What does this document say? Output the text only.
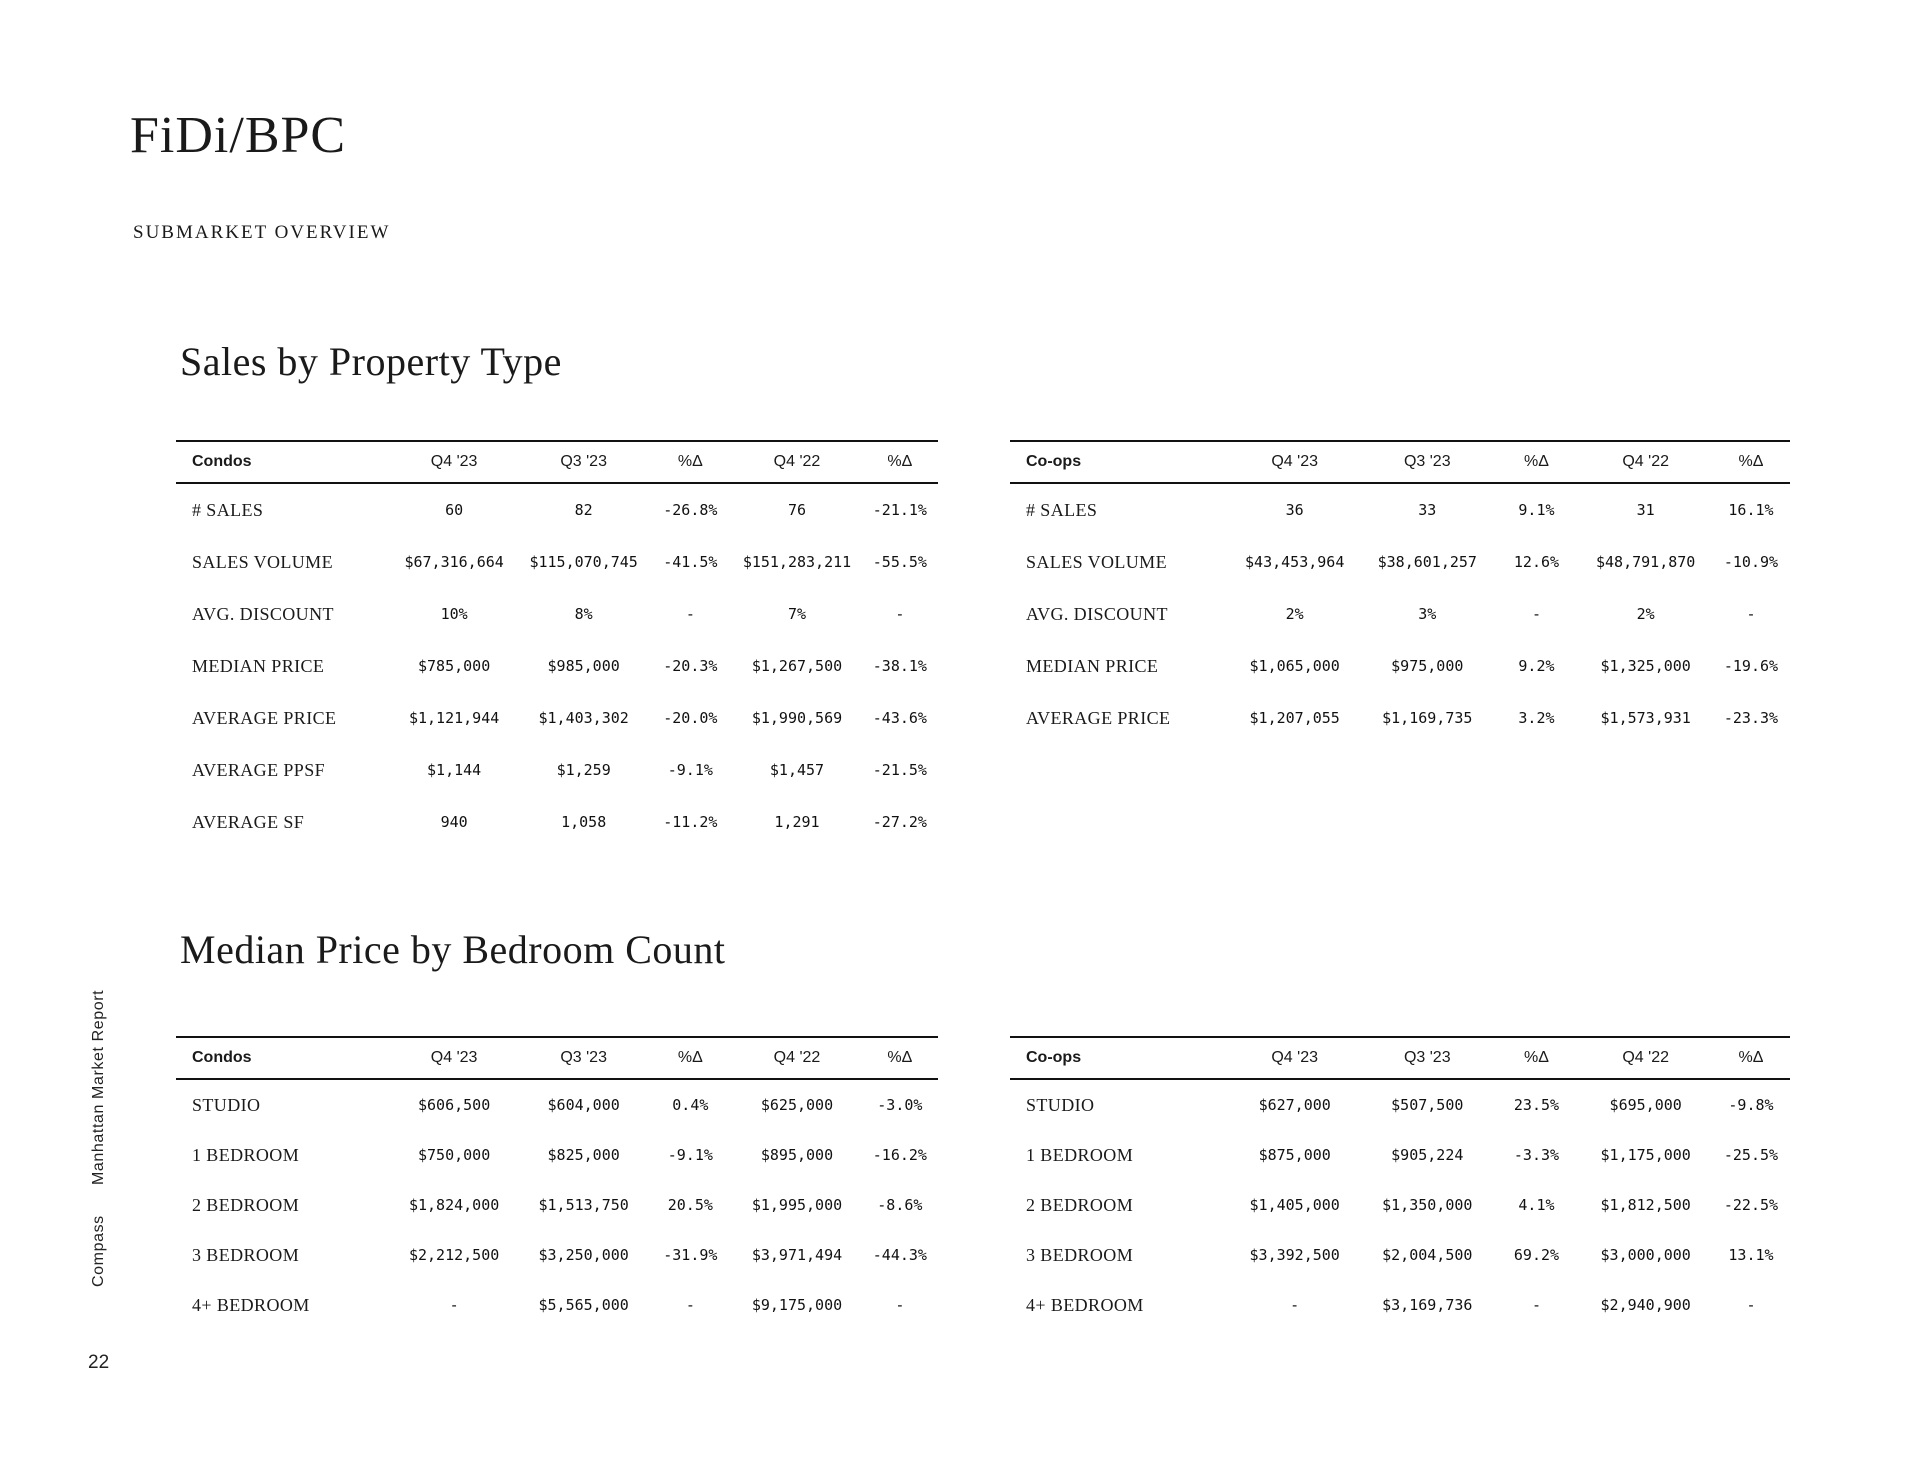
Manhattan Market Report
Compass
22
FiDi/BPC
SUBMARKET OVERVIEW
Sales by Property Type
Condos	Q4 '23	Q3 '23	%Δ	Q4 '22	%Δ
# SALES	60	82	-26.8%	76	-21.1%
SALES VOLUME	$67,316,664	$115,070,745	-41.5%	$151,283,211	-55.5%
AVG. DISCOUNT	10%	8%	-	7%	-
MEDIAN PRICE	$785,000	$985,000	-20.3%	$1,267,500	-38.1%
AVERAGE PRICE	$1,121,944	$1,403,302	-20.0%	$1,990,569	-43.6%
AVERAGE PPSF	$1,144	$1,259	-9.1%	$1,457	-21.5%
AVERAGE SF	940	1,058	-11.2%	1,291	-27.2%
Co-ops	Q4 '23	Q3 '23	%Δ	Q4 '22	%Δ
# SALES	36	33	9.1%	31	16.1%
SALES VOLUME	$43,453,964	$38,601,257	12.6%	$48,791,870	-10.9%
AVG. DISCOUNT	2%	3%	-	2%	-
MEDIAN PRICE	$1,065,000	$975,000	9.2%	$1,325,000	-19.6%
AVERAGE PRICE	$1,207,055	$1,169,735	3.2%	$1,573,931	-23.3%
Median Price by Bedroom Count
Condos	Q4 '23	Q3 '23	%Δ	Q4 '22	%Δ
STUDIO	$606,500	$604,000	0.4%	$625,000	-3.0%
1 BEDROOM	$750,000	$825,000	-9.1%	$895,000	-16.2%
2 BEDROOM	$1,824,000	$1,513,750	20.5%	$1,995,000	-8.6%
3 BEDROOM	$2,212,500	$3,250,000	-31.9%	$3,971,494	-44.3%
4+ BEDROOM	-	$5,565,000	-	$9,175,000	-
Co-ops	Q4 '23	Q3 '23	%Δ	Q4 '22	%Δ
STUDIO	$627,000	$507,500	23.5%	$695,000	-9.8%
1 BEDROOM	$875,000	$905,224	-3.3%	$1,175,000	-25.5%
2 BEDROOM	$1,405,000	$1,350,000	4.1%	$1,812,500	-22.5%
3 BEDROOM	$3,392,500	$2,004,500	69.2%	$3,000,000	13.1%
4+ BEDROOM	-	$3,169,736	-	$2,940,900	-
